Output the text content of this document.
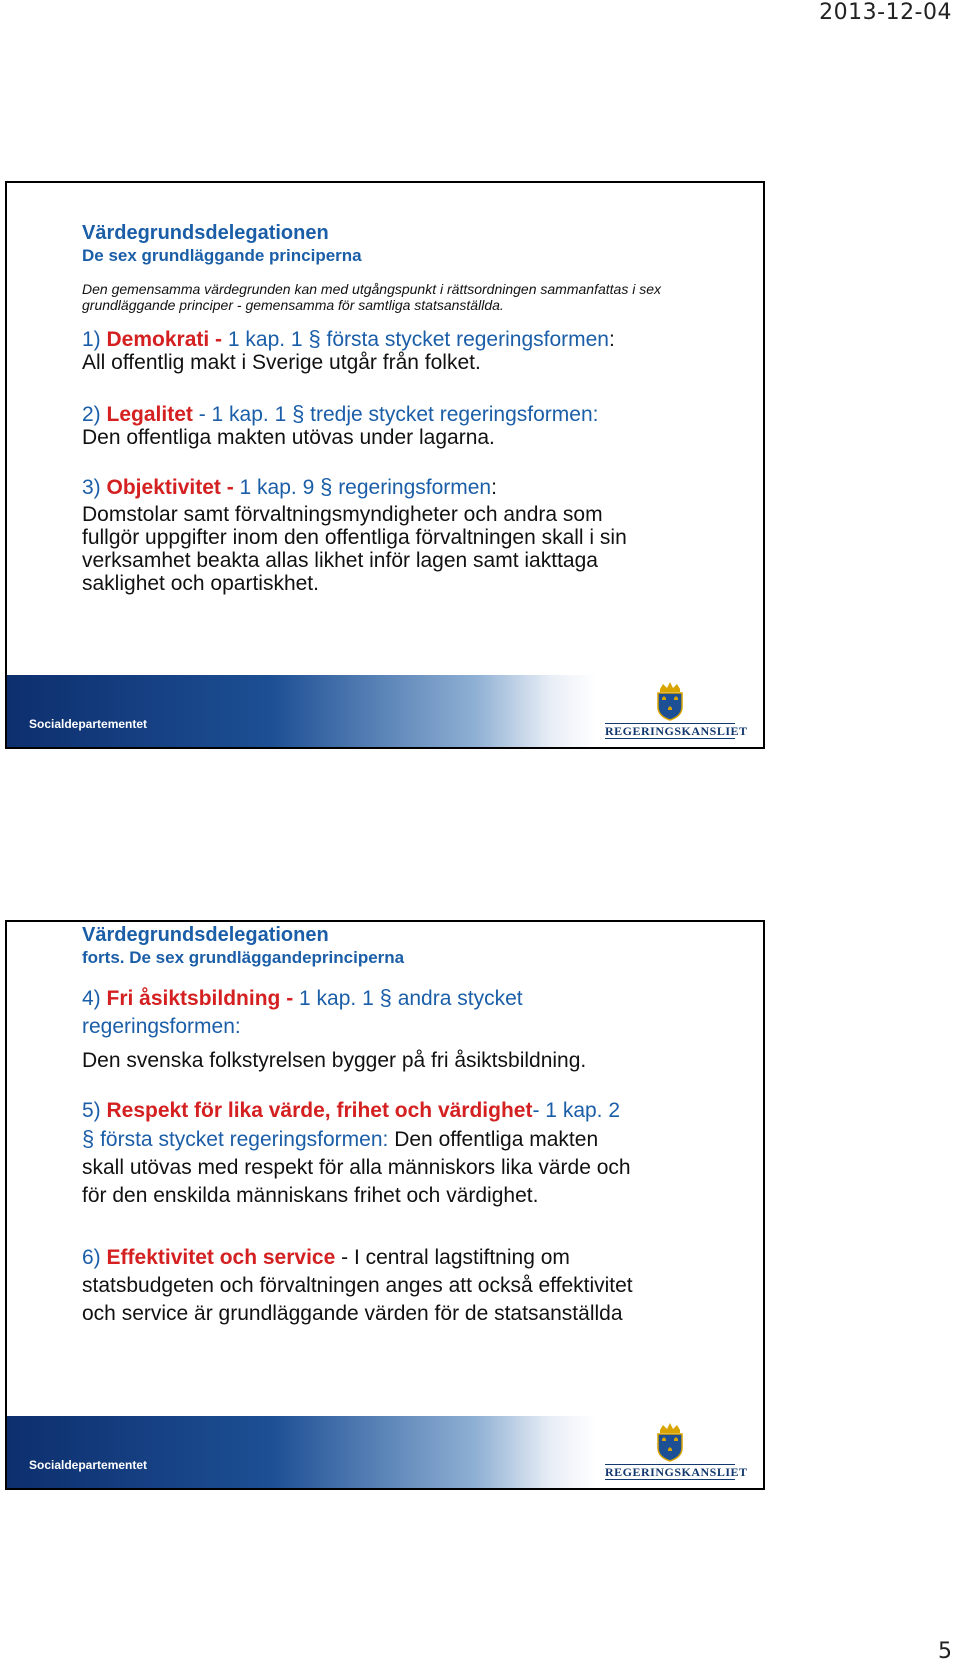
2013-12-04

Värdegrundsdelegationen

De sex grundläggande principerna

Den gemensamma värdegrunden kan med utgångspunkt i rättsordningen sammanfattas i sex
grundläggande principer - gemensamma för samtliga statsanställda.

1) Demokrati - 1 kap. 1 § första stycket regeringsformen:
All offentlig makt i Sverige utgår från folket.

2) Legalitet - 1 kap. 1 § tredje stycket regeringsformen:
Den offentliga makten utövas under lagarna.

3) Objektivitet - 1 kap. 9 § regeringsformen:
Domstolar samt förvaltningsmyndigheter och andra som
fullgör uppgifter inom den offentliga förvaltningen skall i sin
verksamhet beakta allas likhet inför lagen samt iakttaga
saklighet och opartiskhet.

Socialdepartementet	REGERINGSKANSLIET

Värdegrundsdelegationen

forts. De sex grundläggandeprinciperna

4) Fri åsiktsbildning - 1 kap. 1 § andra stycket
regeringsformen:
Den svenska folkstyrelsen bygger på fri åsiktsbildning.

5) Respekt för lika värde, frihet och värdighet- 1 kap. 2
§ första stycket regeringsformen: Den offentliga makten
skall utövas med respekt för alla människors lika värde och
för den enskilda människans frihet och värdighet.

6) Effektivitet och service - I central lagstiftning om
statsbudgeten och förvaltningen anges att också effektivitet
och service är grundläggande värden för de statsanställda

Socialdepartementet	REGERINGSKANSLIET
5
